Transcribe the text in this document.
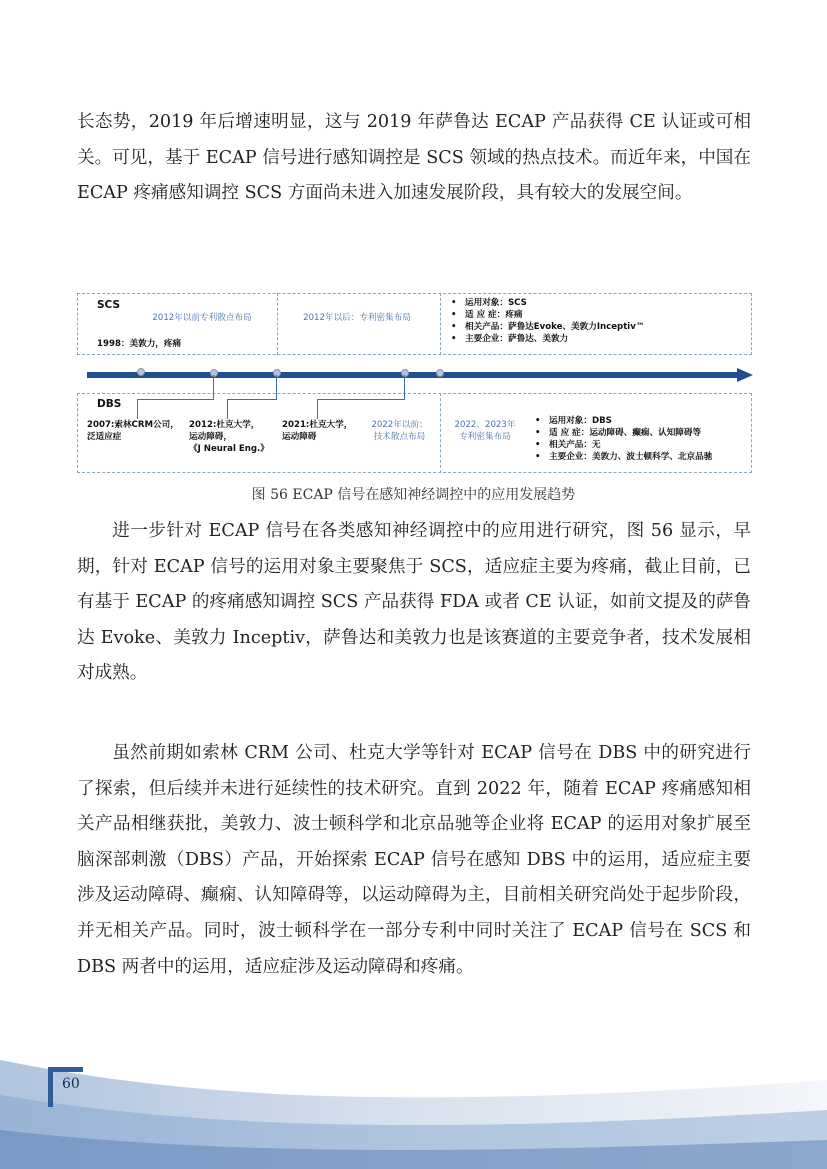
长态势，2019 年后增速明显，这与 2019 年萨鲁达 ECAP 产品获得 CE 认证或可相关。可见，基于 ECAP 信号进行感知调控是 SCS 领域的热点技术。而近年来，中国在 ECAP 疼痛感知调控 SCS 方面尚未进入加速发展阶段，具有较大的发展空间。

SCS
2012年以前专利散点布局	2012年以后：专利密集布局
1998：美敦力，疼痛
• 运用对象：SCS
• 适 应 症：疼痛
• 相关产品：萨鲁达Evoke、美敦力Inceptiv™
• 主要企业：萨鲁达、美敦力
DBS
2007:索林CRM公司，
泛适应症
2012:杜克大学，
运动障碍，
《J Neural Eng.》
2021:杜克大学，
运动障碍
2022年以前：
技术散点布局
2022、2023年
专利密集布局
• 运用对象：DBS
• 适 应 症：运动障碍、癫痫、认知障碍等
• 相关产品：无
• 主要企业：美敦力、波士顿科学、北京品驰
图 56 ECAP 信号在感知神经调控中的应用发展趋势

进一步针对 ECAP 信号在各类感知神经调控中的应用进行研究，图 56 显示，早期，针对 ECAP 信号的运用对象主要聚焦于 SCS，适应症主要为疼痛，截止目前，已有基于 ECAP 的疼痛感知调控 SCS 产品获得 FDA 或者 CE 认证，如前文提及的萨鲁达 Evoke、美敦力 Inceptiv，萨鲁达和美敦力也是该赛道的主要竞争者，技术发展相对成熟。

虽然前期如索林 CRM 公司、杜克大学等针对 ECAP 信号在 DBS 中的研究进行了探索，但后续并未进行延续性的技术研究。直到 2022 年，随着 ECAP 疼痛感知相关产品相继获批，美敦力、波士顿科学和北京品驰等企业将 ECAP 的运用对象扩展至脑深部刺激（DBS）产品，开始探索 ECAP 信号在感知 DBS 中的运用，适应症主要涉及运动障碍、癫痫、认知障碍等，以运动障碍为主，目前相关研究尚处于起步阶段，并无相关产品。同时，波士顿科学在一部分专利中同时关注了 ECAP 信号在 SCS 和 DBS 两者中的运用，适应症涉及运动障碍和疼痛。

60
